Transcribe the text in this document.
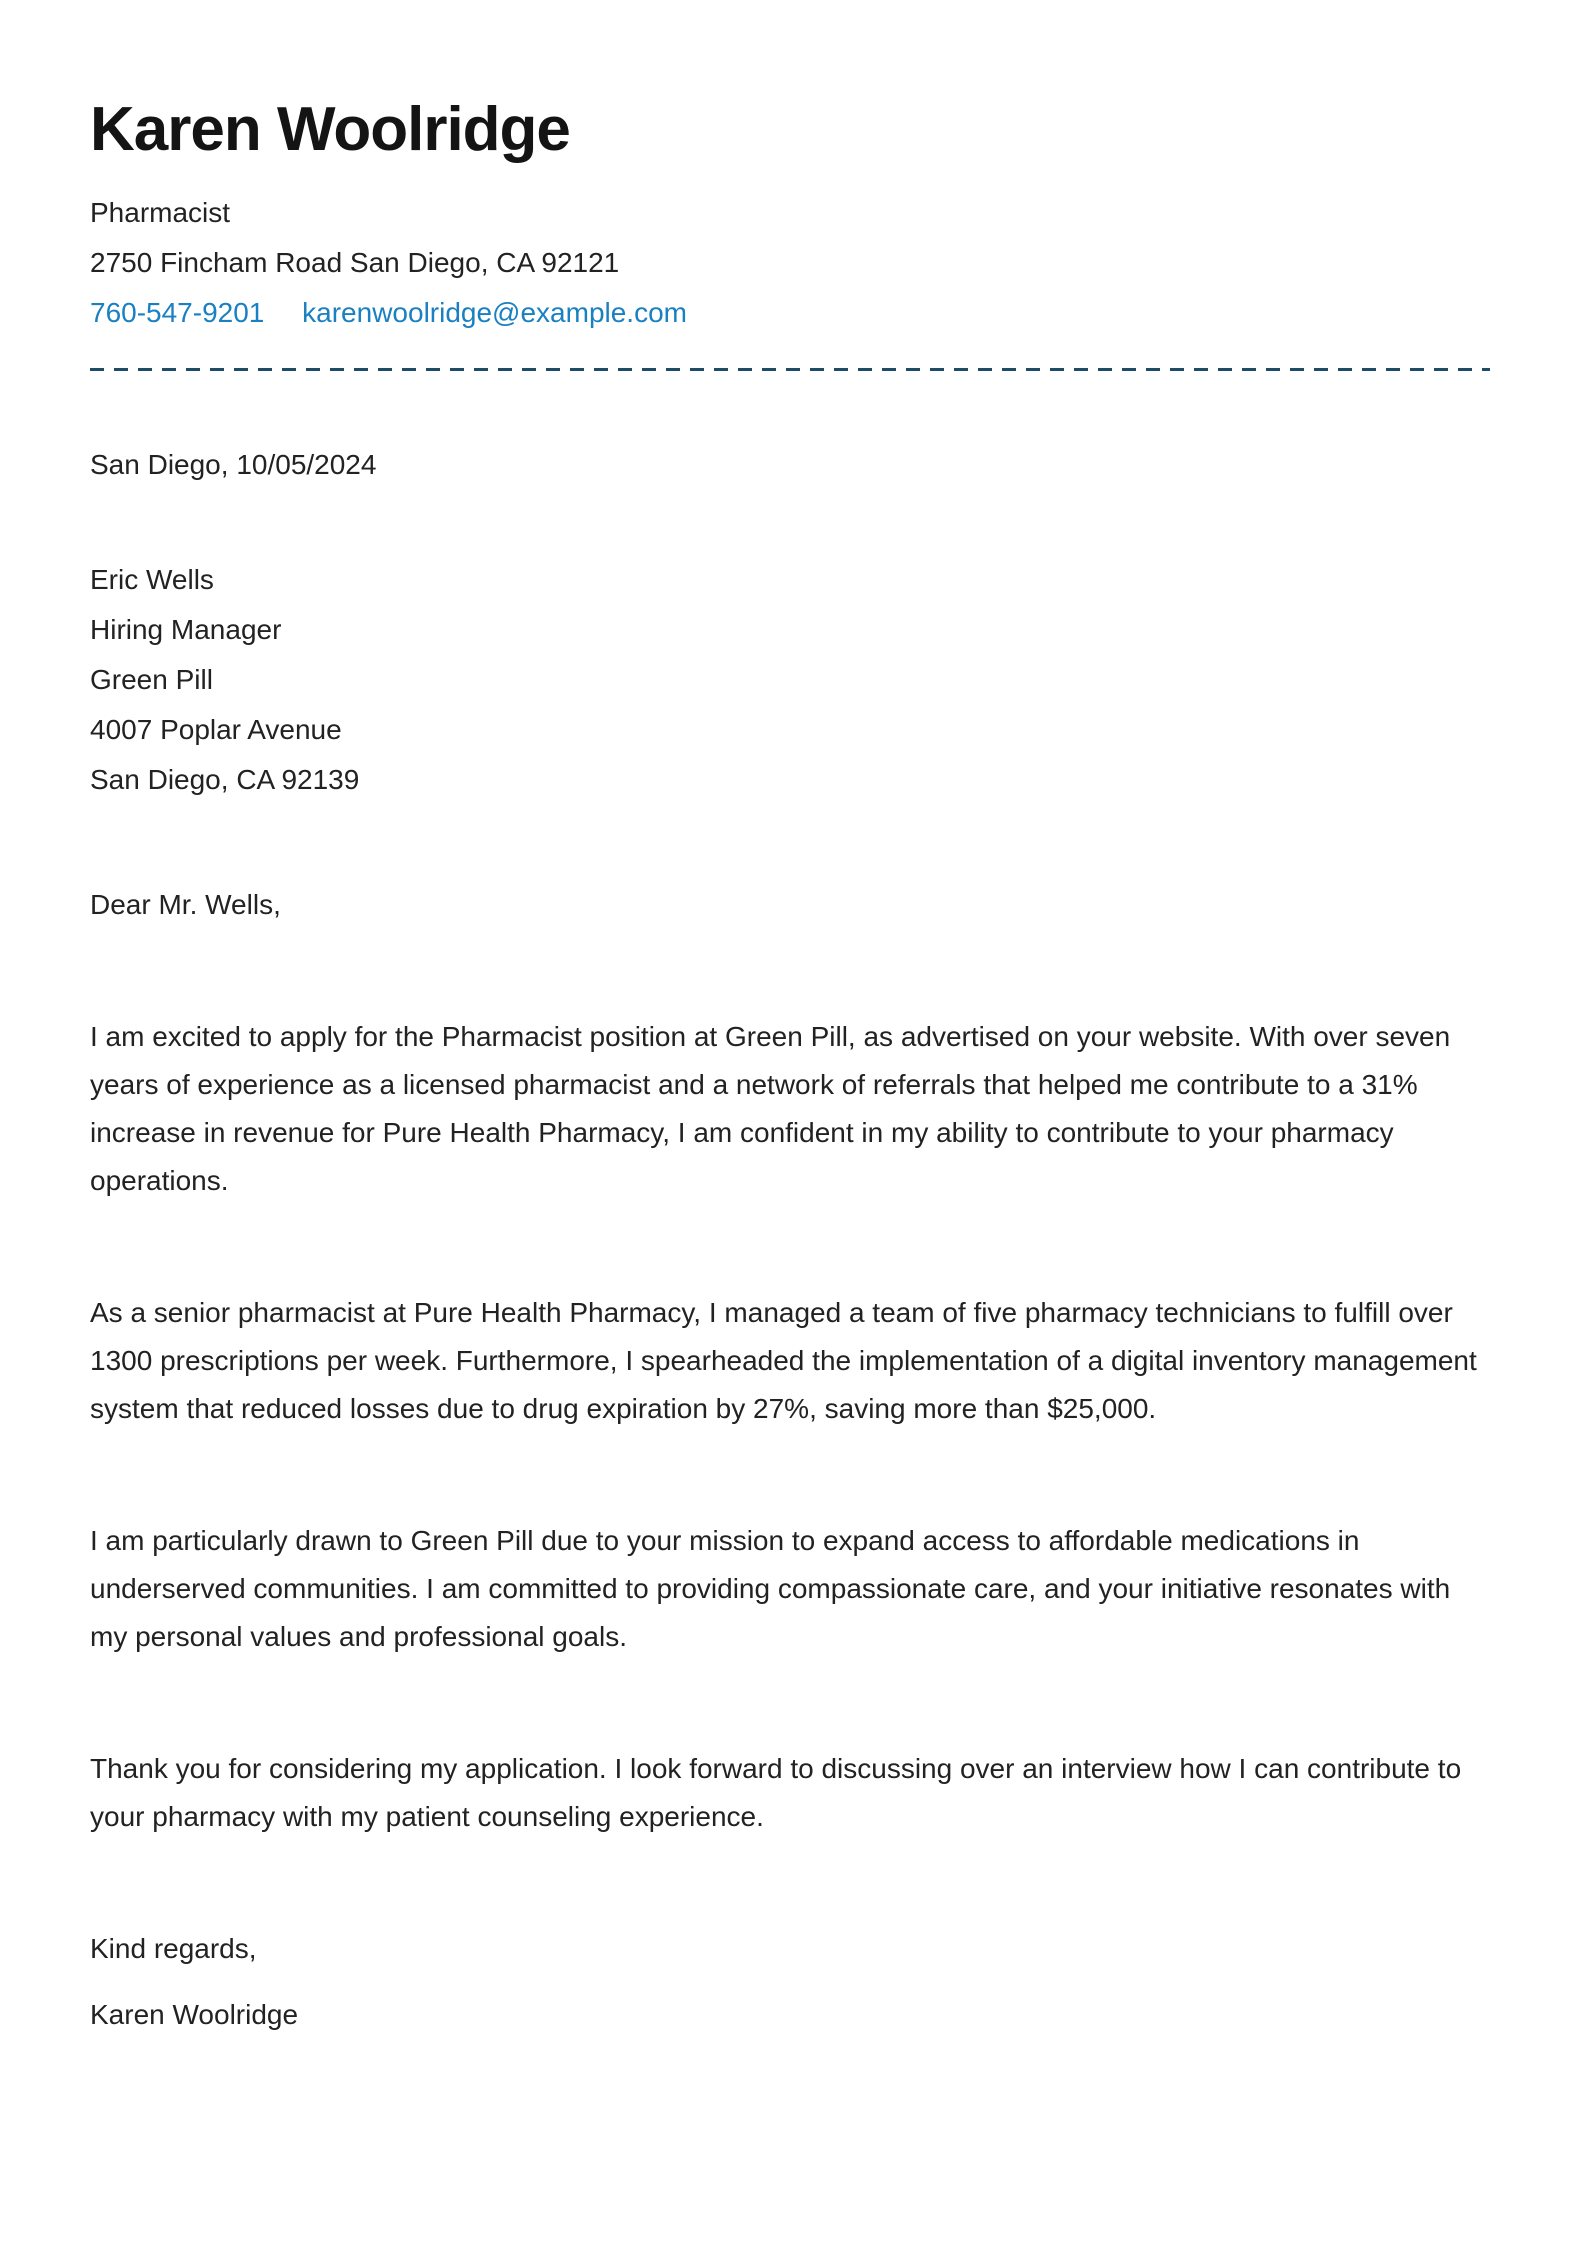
Karen Woolridge
Pharmacist
2750 Fincham Road San Diego, CA 92121
760-547-9201 karenwoolridge@example.com

San Diego, 10/05/2024

Eric Wells
Hiring Manager
Green Pill
4007 Poplar Avenue
San Diego, CA 92139

Dear Mr. Wells,

I am excited to apply for the Pharmacist position at Green Pill, as advertised on your website. With over seven years of experience as a licensed pharmacist and a network of referrals that helped me contribute to a 31% increase in revenue for Pure Health Pharmacy, I am confident in my ability to contribute to your pharmacy operations.

As a senior pharmacist at Pure Health Pharmacy, I managed a team of five pharmacy technicians to fulfill over 1300 prescriptions per week. Furthermore, I spearheaded the implementation of a digital inventory management system that reduced losses due to drug expiration by 27%, saving more than $25,000.

I am particularly drawn to Green Pill due to your mission to expand access to affordable medications in underserved communities. I am committed to providing compassionate care, and your initiative resonates with my personal values and professional goals.

Thank you for considering my application. I look forward to discussing over an interview how I can contribute to your pharmacy with my patient counseling experience.

Kind regards,

Karen Woolridge
